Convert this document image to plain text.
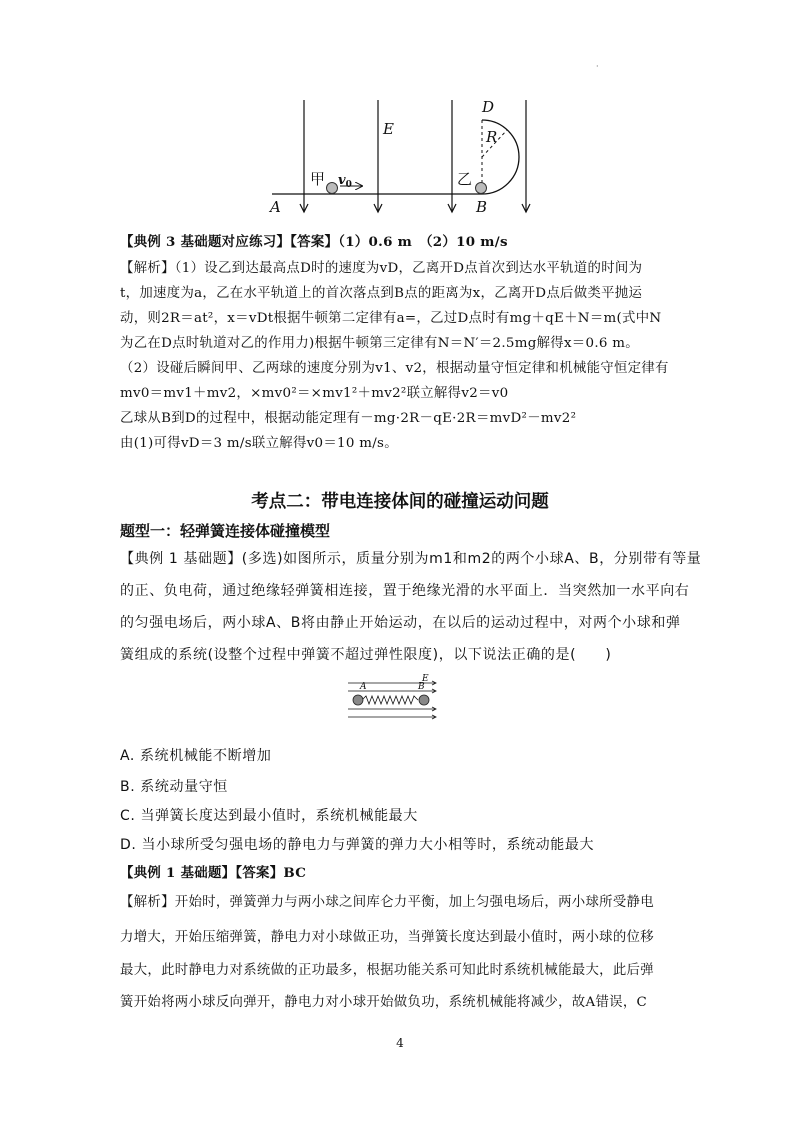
·
D
E	R
A	B
$v_0$
甲	乙
【典例 3 基础题对应练习】【答案】（1）0.6 m　（2）10 m/s
【解析】（1）设乙到达最高点D时的速度为vD，乙离开D点首次到达水平轨道的时间为
t，加速度为a，乙在水平轨道上的首次落点到B点的距离为x，乙离开D点后做类平抛运
动，则2R＝at²，x＝vDt根据牛顿第二定律有a=，乙过D点时有mg＋qE＋N＝m(式中N
为乙在D点时轨道对乙的作用力)根据牛顿第三定律有N＝N′＝2.5mg解得x＝0.6 m。
（2）设碰后瞬间甲、乙两球的速度分别为v1、v2，根据动量守恒定律和机械能守恒定律有
mv0＝mv1＋mv2，×mv0²＝×mv1²＋mv2²联立解得v2＝v0
乙球从B到D的过程中，根据动能定理有－mg·2R－qE·2R＝mvD²－mv2²
由(1)可得vD＝3 m/s联立解得v0＝10 m/s。
考点二：带电连接体间的碰撞运动问题
题型一：轻弹簧连接体碰撞模型
【典例 1 基础题】(多选)如图所示，质量分别为m1和m2的两个小球A、B，分别带有等量
的正、负电荷，通过绝缘轻弹簧相连接，置于绝缘光滑的水平面上．当突然加一水平向右
的匀强电场后，两小球A、B将由静止开始运动，在以后的运动过程中，对两个小球和弹
簧组成的系统(设整个过程中弹簧不超过弹性限度)，以下说法正确的是(　　)
E
A	B
A. 系统机械能不断增加
B. 系统动量守恒
C. 当弹簧长度达到最小值时，系统机械能最大
D. 当小球所受匀强电场的静电力与弹簧的弹力大小相等时，系统动能最大
【典例 1 基础题】【答案】BC
【解析】开始时，弹簧弹力与两小球之间库仑力平衡，加上匀强电场后，两小球所受静电
力增大，开始压缩弹簧，静电力对小球做正功，当弹簧长度达到最小值时，两小球的位移
最大，此时静电力对系统做的正功最多，根据功能关系可知此时系统机械能最大，此后弹
簧开始将两小球反向弹开，静电力对小球开始做负功，系统机械能将减少，故A错误，C
4
